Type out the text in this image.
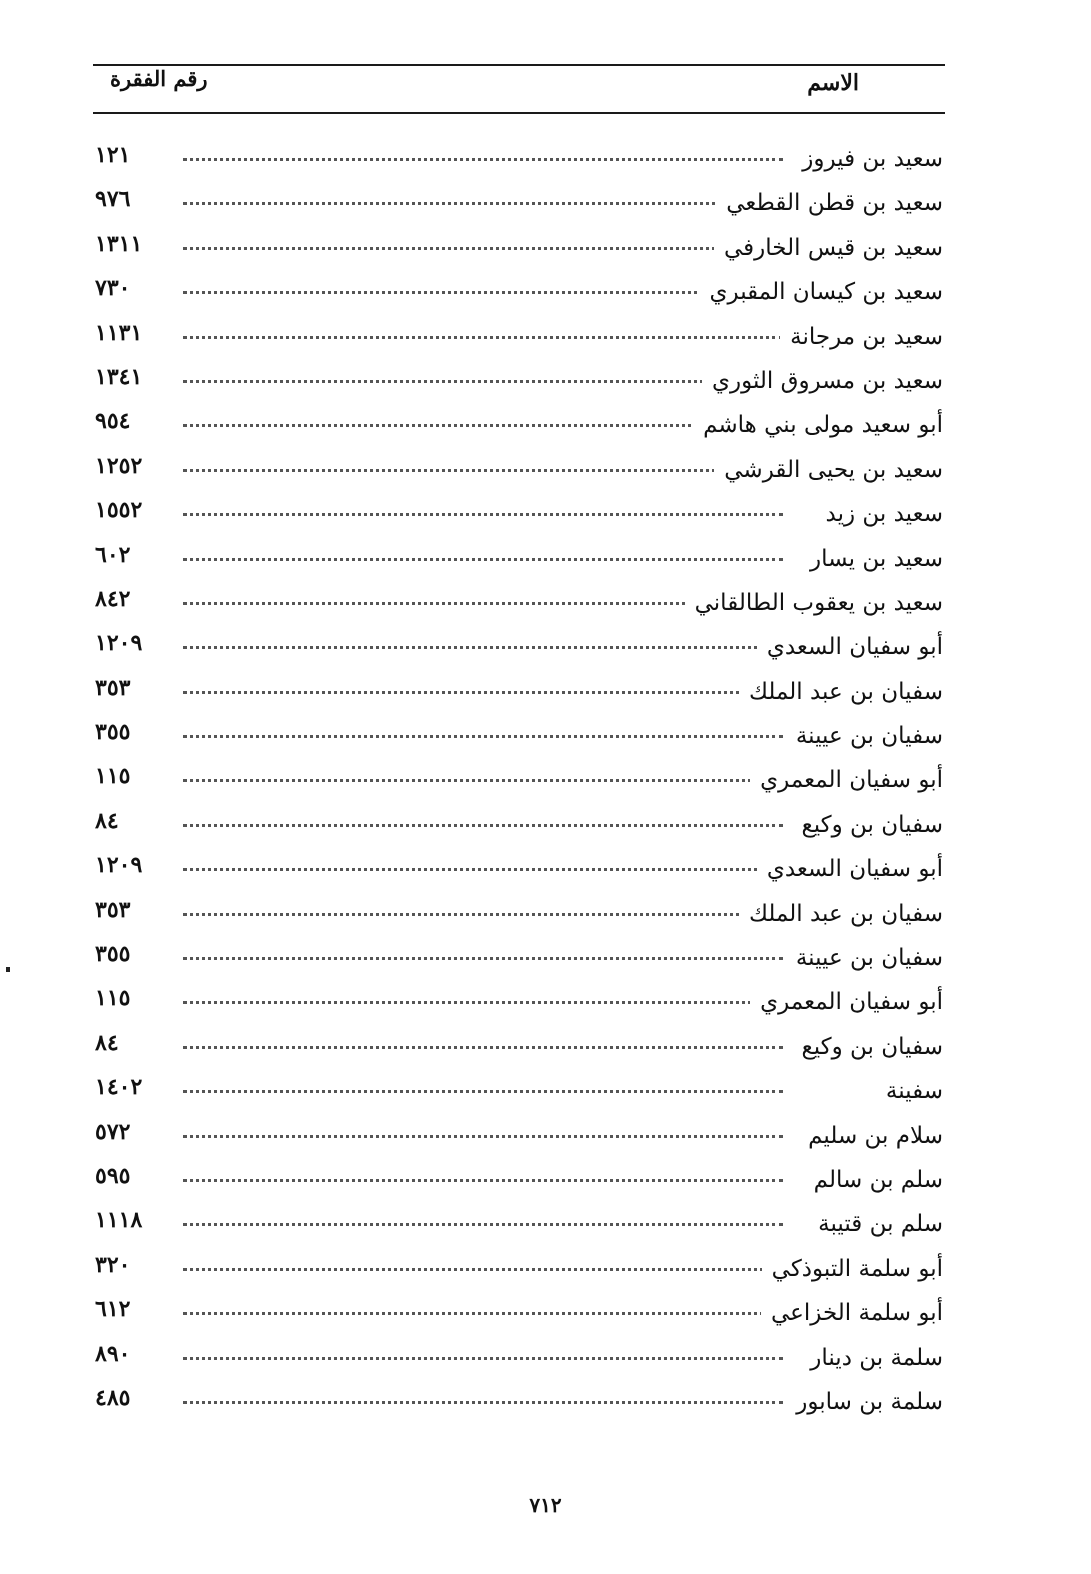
الاسم
رقم الفقرة
سعيد بن فيروز
١٢١
سعيد بن قطن القطعي
٩٧٦
سعيد بن قيس الخارفي
١٣١١
سعيد بن كيسان المقبري
٧٣٠
سعيد بن مرجانة
١١٣١
سعيد بن مسروق الثوري
١٣٤١
أبو سعيد مولى بني هاشم
٩٥٤
سعيد بن يحيى القرشي
١٢٥٢
سعيد بن زيد
١٥٥٢
سعيد بن يسار
٦٠٢
سعيد بن يعقوب الطالقاني
٨٤٢
أبو سفيان السعدي
١٢٠٩
سفيان بن عبد الملك
٣٥٣
سفيان بن عيينة
٣٥٥
أبو سفيان المعمري
١١٥
سفيان بن وكيع
٨٤
أبو سفيان السعدي
١٢٠٩
سفيان بن عبد الملك
٣٥٣
سفيان بن عيينة
٣٥٥
أبو سفيان المعمري
١١٥
سفيان بن وكيع
٨٤
سفينة
١٤٠٢
سلام بن سليم
٥٧٢
سلم بن سالم
٥٩٥
سلم بن قتيبة
١١١٨
أبو سلمة التبوذكي
٣٢٠
أبو سلمة الخزاعي
٦١٢
سلمة بن دينار
٨٩٠
سلمة بن سابور
٤٨٥
٧١٢
